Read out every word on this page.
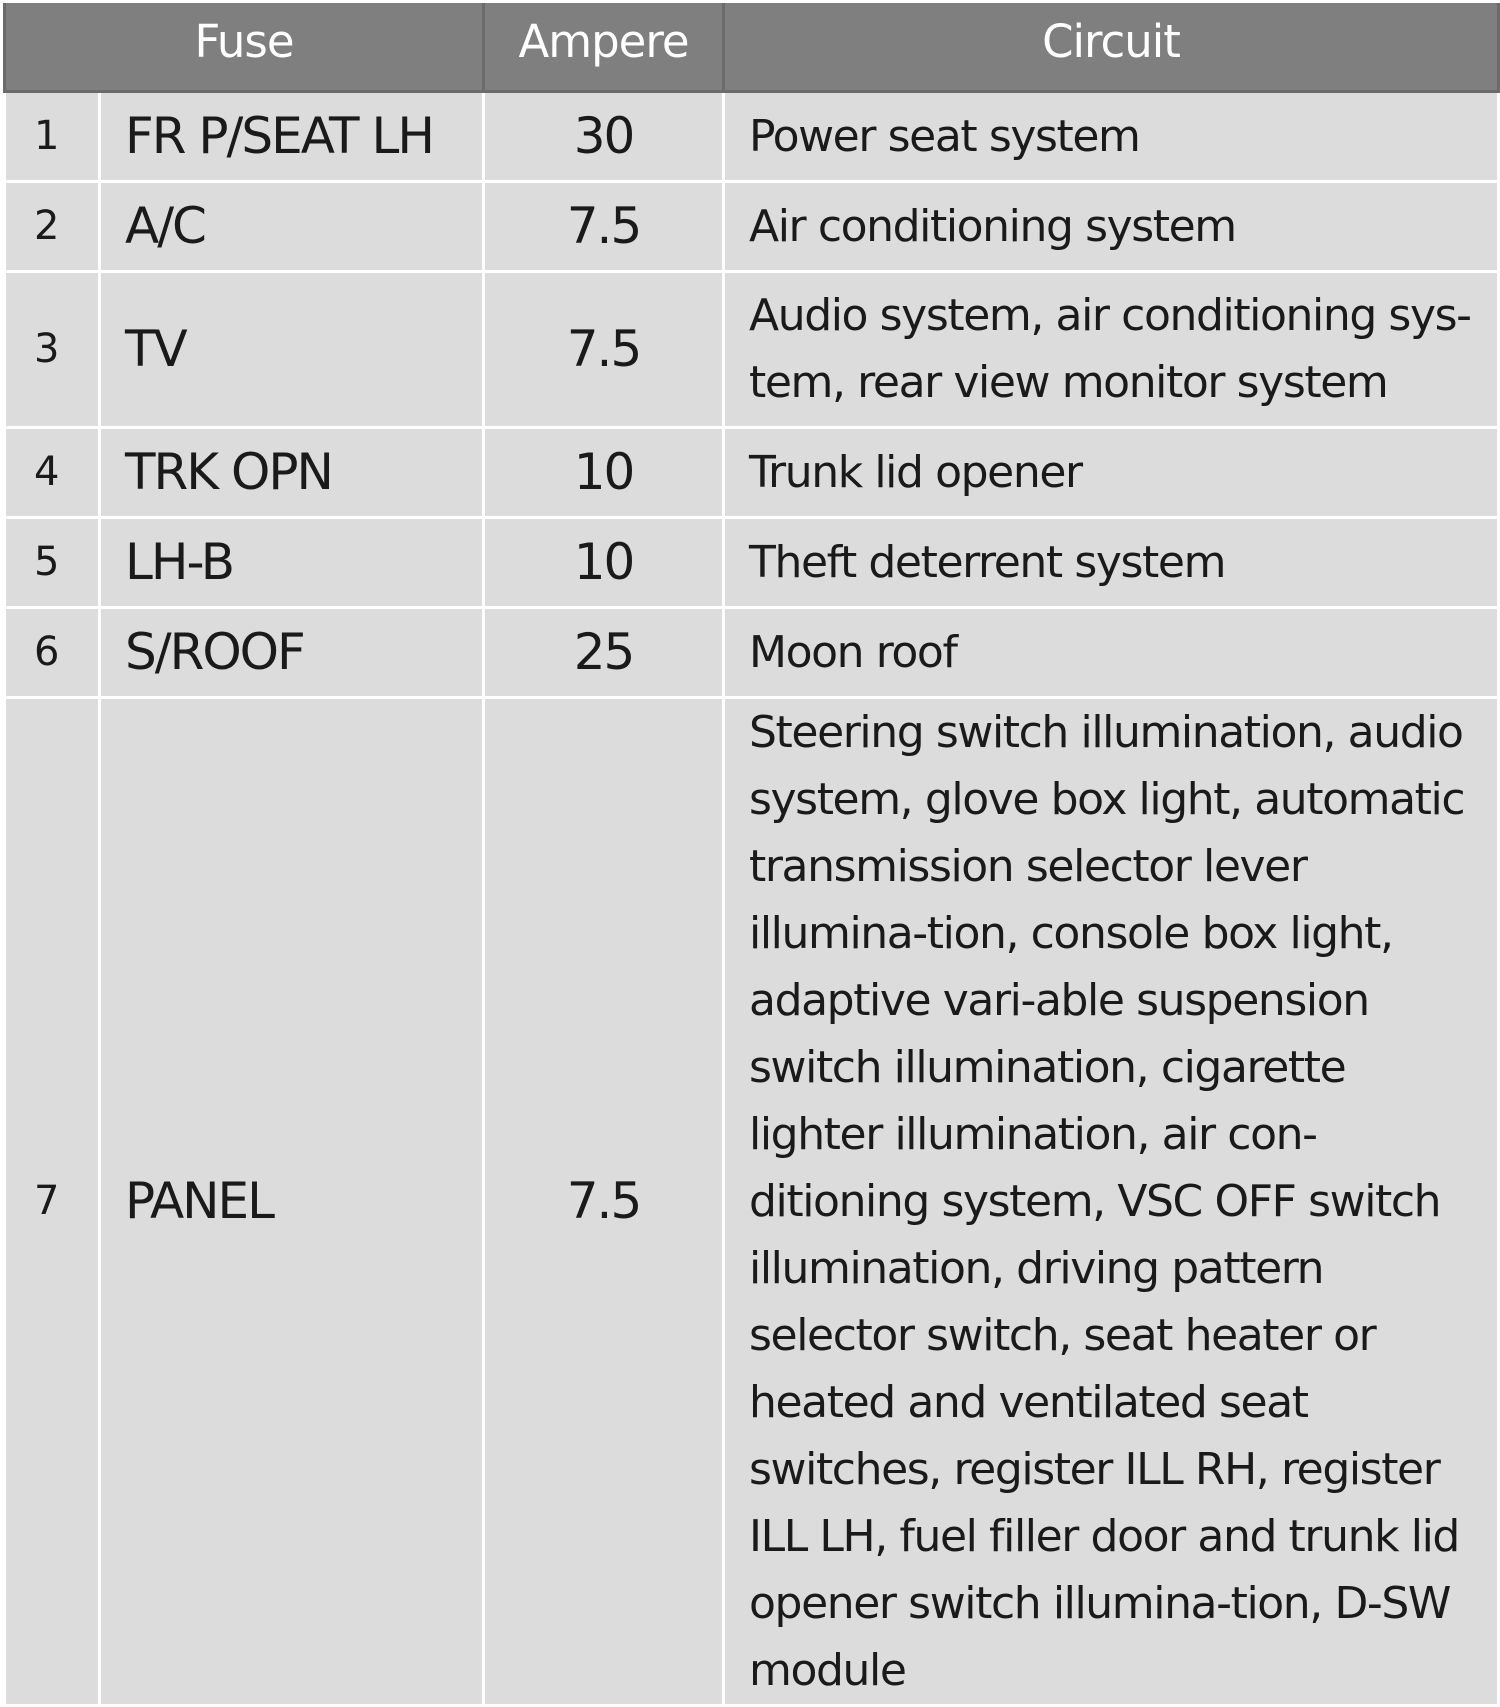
Fuse		Ampere	Circuit
1	FR P/SEAT LH	30	Power seat system
2	A/C	7.5	Air conditioning system
3	TV	7.5	Audio system, air conditioning sys-tem, rear view monitor system
4	TRK OPN	10	Trunk lid opener
5	LH-B	10	Theft deterrent system
6	S/ROOF	25	Moon roof
7	PANEL	7.5	Steering switch illumination, audio system, glove box light, automatic transmission selector lever illumina-tion, console box light, adaptive vari-able suspension switch illumination, cigarette lighter illumination, air con-ditioning system, VSC OFF switch illumination, driving pattern selector switch, seat heater or heated and ventilated seat switches, register ILL RH, register ILL LH, fuel filler door and trunk lid opener switch illumina-tion, D-SW module
